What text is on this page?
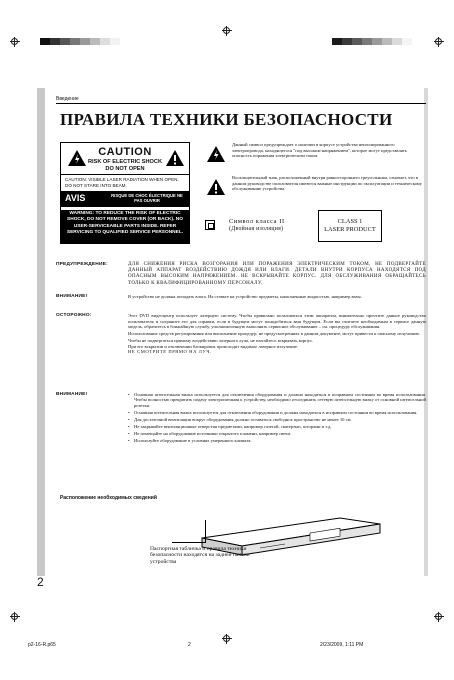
Введение
ПРАВИЛА ТЕХНИКИ БЕЗОПАСНОСТИ
CAUTION
RISK OF ELECTRIC SHOCK
DO NOT OPEN
CAUTION: VISIBLE LASER RADIATION WHEN OPEN. DO NOT STARE INTO BEAM.
AVIS	RISQUE DE CHOC ÉLECTRIQUE NE PAS OUVRIR
WARNING: TO REDUCE THE RISK OF ELECTRIC SHOCK, DO NOT REMOVE COVER (OR BACK). NO USER-SERVICEABLE PARTS INSIDE. REFER SERVICING TO QUALIFIED SERVICE PERSONNEL.
Данный символ предупреждает о наличии в корпусе устройства неизолированного электропровода, находящегося "под высоким напряжением", которое могут представлять опасность поражения электрическим током.
Восклицательный знак, расположенный внутри равностороннего треугольника, означает, что в данном руководстве пользователя имеются важные инструкции по эксплуатации и техническому обслуживанию устройства.
Символ класса II
(Двойная изоляция)
CLASS 1
LASER PRODUCT
ПРЕДУПРЕЖДЕНИЕ:	ДЛЯ СНИЖЕНИЯ РИСКА ВОЗГОРАНИЯ ИЛИ ПОРАЖЕНИЯ ЭЛЕКТРИЧЕСКИМ ТОКОМ, НЕ ПОДВЕРГАЙТЕ ДАННЫЙ АППАРАТ ВОЗДЕЙСТВИЮ ДОЖДЯ ИЛИ ВЛАГИ. ДЕТАЛИ ВНУТРИ КОРПУСА НАХОДЯТСЯ ПОД ОПАСНЫМ ВЫСОКИМ НАПРЯЖЕНИЕМ. НЕ ВСКРЫВАЙТЕ КОРПУС. ДЛЯ ОБСЛУЖИВАНИЯ ОБРАЩАЙТЕСЬ ТОЛЬКО К КВАЛИФИЦИРОВАННОМУ ПЕРСОНАЛУ.
ВНИМАНИЕ!	В устройство не должна попадать влага. На ставьте на устройство предметы, наполненные жидкостью, например вазы.
ОСТОРОЖНО:	Этот DVD видеоцентр использует лазерную систему. Чтобы правильно пользоваться этим аппаратом, внимательно прочтите данное руководство пользователя и сохраните его для справки, если в будущем могут понадобиться ваш будущем. Если вы считаете необходимым в сервисе данную модель, обратитесь в ближайшую службу, уполномоченную выполнять сервисное обслуживание – см. процедуру обслуживания.
Использование средств регулирования или выполнение процедур, не предусмотренных в данном документе, могут привести к опасному излучению.
Чтобы не подвергаться прямому воздействию лазерного луча, не пытайтесь вскрывать корпус.
При его вскрытии и отключении блокировок происходит видимое лазерное излучение.
НЕ СМОТРИТЕ ПРЯМО НА ЛУЧ.
ВНИМАНИЕ!
•	Основная штепсельная вилка используется для отключения оборудования и должна находиться в исправном состоянии во время использования. Чтобы полностью прекратить подачу электропитания к устройству, необходимо отсоединить сетевую штепсельную вилку от основной штепсельной розетки.
• Основная штепсельная вилка используется для отключения оборудования и должна находиться в исправном состоянии во время использования.
• Для достаточной вентиляции вокруг оборудования должно оставаться свободное пространство не менее 10 см.
• Не закрывайте вентиляционные отверстия предметами, например газетой, скатертью, шторами и т.д.
• Не помещайте на оборудование источники открытого пламени, например свечи.
• Используйте оборудование в условиях умеренного климата.
Расположение необходимых сведений
Паспортная табличка и правила техники безопасности находятся на задней панели устройства
2
p2-16-R.p65	2	2/23/2009, 1:11 PM
